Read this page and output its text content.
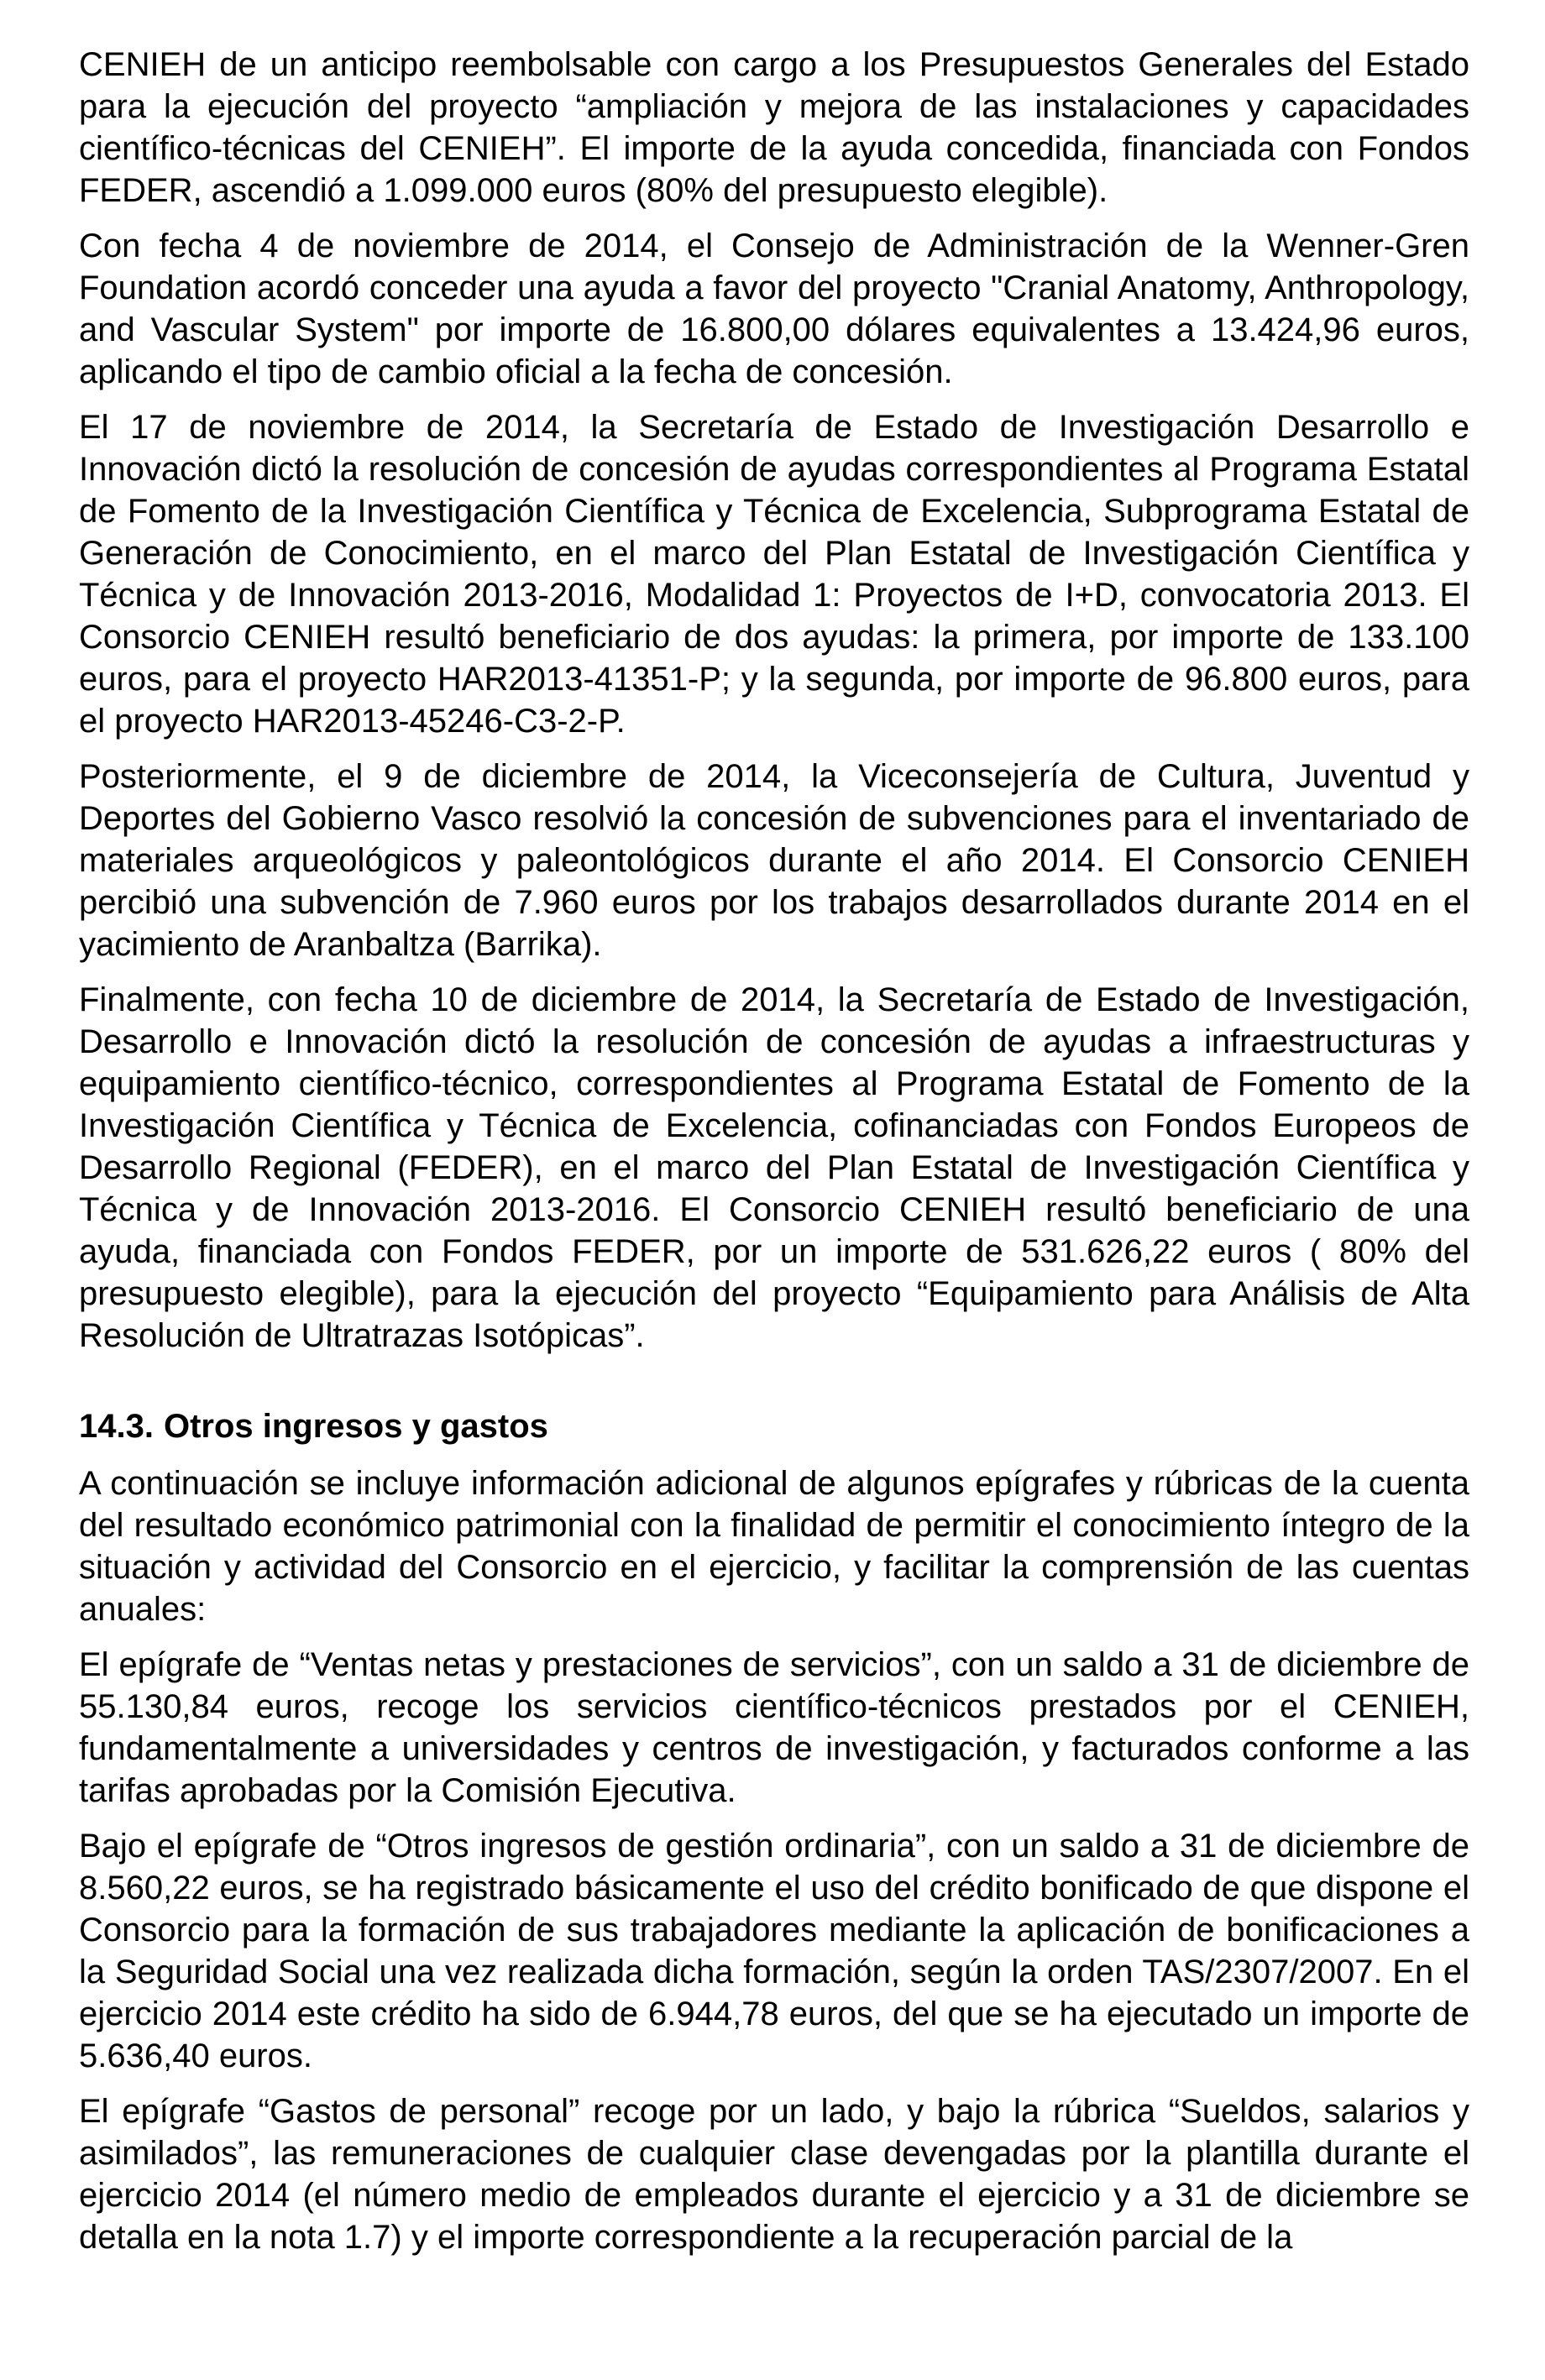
CENIEH de un anticipo reembolsable con cargo a los Presupuestos Generales del Estado para la ejecución del proyecto “ampliación y mejora de las instalaciones y capacidades científico-técnicas del CENIEH”. El importe de la ayuda concedida, financiada con Fondos FEDER, ascendió a 1.099.000 euros (80% del presupuesto elegible).

Con fecha 4 de noviembre de 2014, el Consejo de Administración de la Wenner-Gren Foundation acordó conceder una ayuda a favor del proyecto "Cranial Anatomy, Anthropology, and Vascular System" por importe de 16.800,00 dólares equivalentes a 13.424,96 euros, aplicando el tipo de cambio oficial a la fecha de concesión.

El 17 de noviembre de 2014, la Secretaría de Estado de Investigación Desarrollo e Innovación dictó la resolución de concesión de ayudas correspondientes al Programa Estatal de Fomento de la Investigación Científica y Técnica de Excelencia, Subprograma Estatal de Generación de Conocimiento, en el marco del Plan Estatal de Investigación Científica y Técnica y de Innovación 2013-2016, Modalidad 1: Proyectos de I+D, convocatoria 2013. El Consorcio CENIEH resultó beneficiario de dos ayudas: la primera, por importe de 133.100 euros, para el proyecto HAR2013-41351-P; y la segunda, por importe de 96.800 euros, para el proyecto HAR2013-45246-C3-2-P.

Posteriormente, el 9 de diciembre de 2014, la Viceconsejería de Cultura, Juventud y Deportes del Gobierno Vasco resolvió la concesión de subvenciones para el inventariado de materiales arqueológicos y paleontológicos durante el año 2014. El Consorcio CENIEH percibió una subvención de 7.960 euros por los trabajos desarrollados durante 2014 en el yacimiento de Aranbaltza (Barrika).

Finalmente, con fecha 10 de diciembre de 2014, la Secretaría de Estado de Investigación, Desarrollo e Innovación dictó la resolución de concesión de ayudas a infraestructuras y equipamiento científico-técnico, correspondientes al Programa Estatal de Fomento de la Investigación Científica y Técnica de Excelencia, cofinanciadas con Fondos Europeos de Desarrollo Regional (FEDER), en el marco del Plan Estatal de Investigación Científica y Técnica y de Innovación 2013-2016. El Consorcio CENIEH resultó beneficiario de una ayuda, financiada con Fondos FEDER, por un importe de 531.626,22 euros ( 80% del presupuesto elegible), para la ejecución del proyecto “Equipamiento para Análisis de Alta Resolución de Ultratrazas Isotópicas”.

14.3. Otros ingresos y gastos

A continuación se incluye información adicional de algunos epígrafes y rúbricas de la cuenta del resultado económico patrimonial con la finalidad de permitir el conocimiento íntegro de la situación y actividad del Consorcio en el ejercicio, y facilitar la comprensión de las cuentas anuales:

El epígrafe de “Ventas netas y prestaciones de servicios”, con un saldo a 31 de diciembre de 55.130,84 euros, recoge los servicios científico-técnicos prestados por el CENIEH, fundamentalmente a universidades y centros de investigación, y facturados conforme a las tarifas aprobadas por la Comisión Ejecutiva.

Bajo el epígrafe de “Otros ingresos de gestión ordinaria”, con un saldo a 31 de diciembre de 8.560,22 euros, se ha registrado básicamente el uso del crédito bonificado de que dispone el Consorcio para la formación de sus trabajadores mediante la aplicación de bonificaciones a la Seguridad Social una vez realizada dicha formación, según la orden TAS/2307/2007. En el ejercicio 2014 este crédito ha sido de 6.944,78 euros, del que se ha ejecutado un importe de 5.636,40 euros.

El epígrafe “Gastos de personal” recoge por un lado, y bajo la rúbrica “Sueldos, salarios y asimilados”, las remuneraciones de cualquier clase devengadas por la plantilla durante el ejercicio 2014 (el número medio de empleados durante el ejercicio y a 31 de diciembre se detalla en la nota 1.7) y el importe correspondiente a la recuperación parcial de la
